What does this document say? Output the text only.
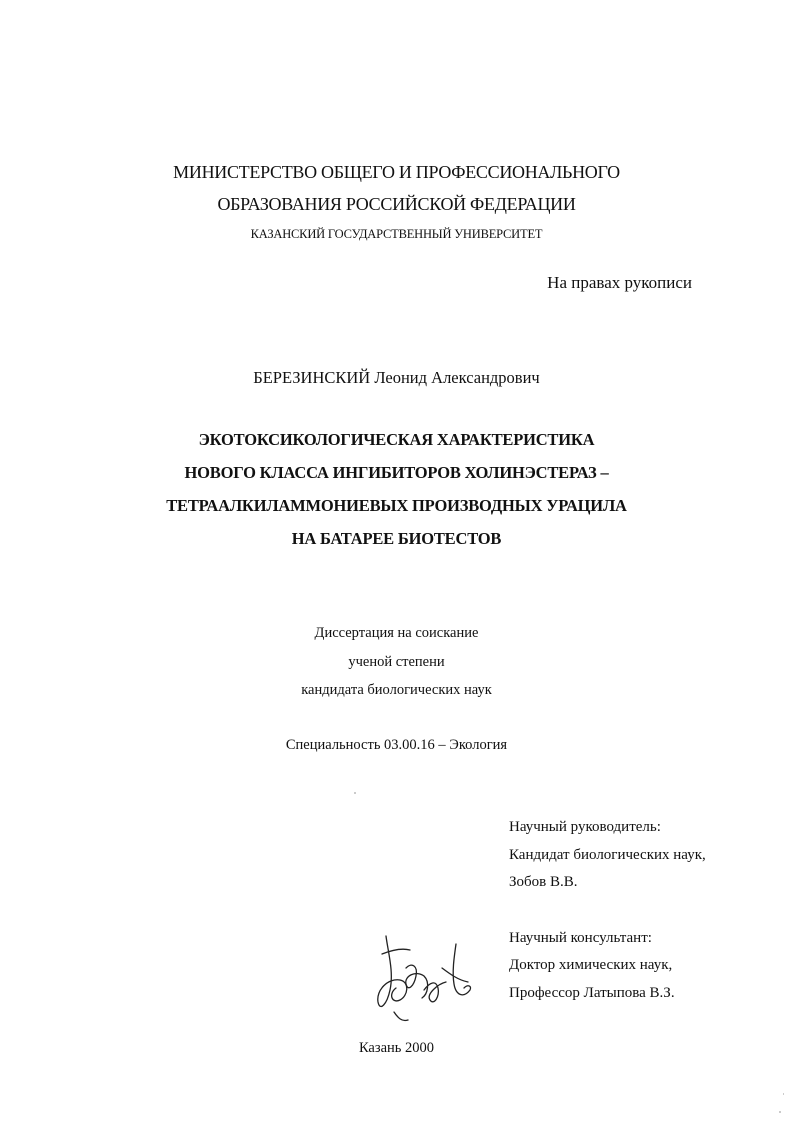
МИНИСТЕРСТВО ОБЩЕГО И ПРОФЕССИОНАЛЬНОГО
ОБРАЗОВАНИЯ РОССИЙСКОЙ ФЕДЕРАЦИИ
КАЗАНСКИЙ ГОСУДАРСТВЕННЫЙ УНИВЕРСИТЕТ
На правах рукописи
БЕРЕЗИНСКИЙ Леонид Александрович
ЭКОТОКСИКОЛОГИЧЕСКАЯ ХАРАКТЕРИСТИКА
НОВОГО КЛАССА ИНГИБИТОРОВ ХОЛИНЭСТЕРАЗ –
ТЕТРААЛКИЛАММОНИЕВЫХ ПРОИЗВОДНЫХ УРАЦИЛА
НА БАТАРЕЕ БИОТЕСТОВ
Диссертация на соискание
ученой степени
кандидата биологических наук
Специальность 03.00.16 – Экология
Научный руководитель:
Кандидат биологических наук,
Зобов В.В.
Научный консультант:
Доктор химических наук,
Профессор Латыпова В.З.
Казань 2000
